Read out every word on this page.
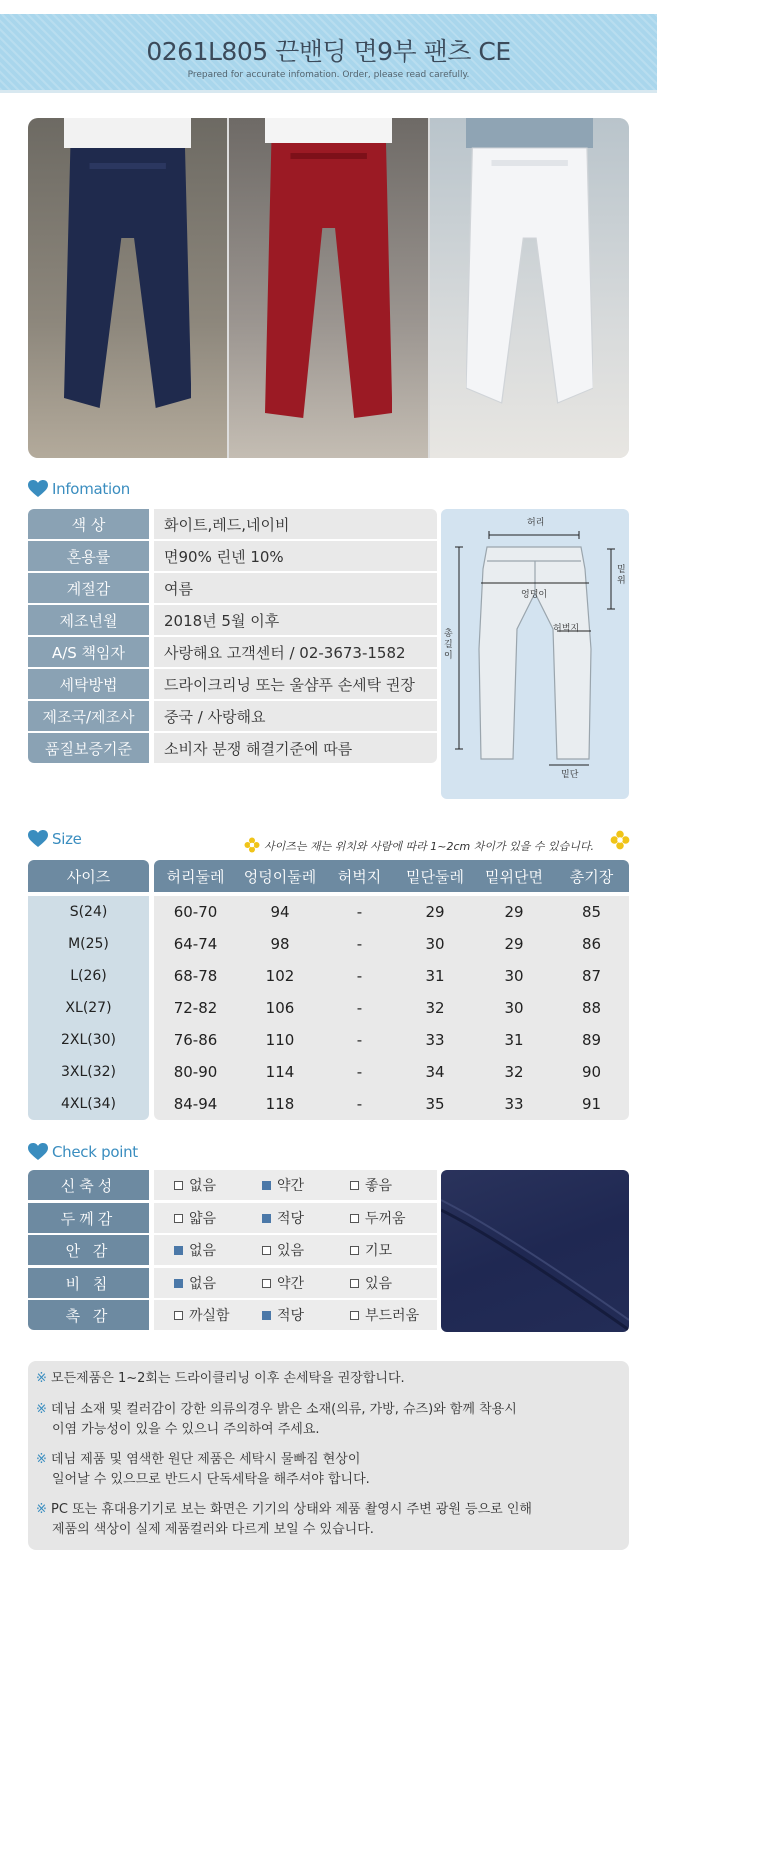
0261L805 끈밴딩 면9부 팬츠 CE
Prepared for accurate infomation. Order, please read carefully.
Infomation
색 상	화이트,레드,네이비
혼용률	면90% 린넨 10%
계절감	여름
제조년월	2018년 5월 이후
A/S 책임자	사랑해요 고객센터 / 02-3673-1582
세탁방법	드라이크리닝 또는 울샴푸 손세탁 권장
제조국/제조사	중국 / 사랑해요
품질보증기준	소비자 분쟁 해결기준에 따름
허리
엉덩이
허벅지
밑단
밑위
총길이
Size	사이즈는 재는 위치와 사람에 따라 1~2cm 차이가 있을 수 있습니다.
사이즈	허리둘레	엉덩이둘레	허벅지	밑단둘레	밑위단면	총기장
S(24)	60-70	94	-	29	29	85
M(25)	64-74	98	-	30	29	86
L(26)	68-78	102	-	31	30	87
XL(27)	72-82	106	-	32	30	88
2XL(30)	76-86	110	-	33	31	89
3XL(32)	80-90	114	-	34	32	90
4XL(34)	84-94	118	-	35	33	91
Check point
신축성	없음	약간	좋음
두께감	얇음	적당	두꺼움
안 감	없음	있음	기모
비 침	없음	약간	있음
촉 감	까실함	적당	부드러움
※ 모든제품은 1~2회는 드라이클리닝 이후 손세탁을 권장합니다.
※ 데님 소재 및 컬러감이 강한 의류의경우 밝은 소재(의류, 가방, 슈즈)와 함께 착용시
이염 가능성이 있을 수 있으니 주의하여 주세요.
※ 데님 제품 및 염색한 원단 제품은 세탁시 물빠짐 현상이
일어날 수 있으므로 반드시 단독세탁을 해주셔야 합니다.
※ PC 또는 휴대용기기로 보는 화면은 기기의 상태와 제품 촬영시 주변 광원 등으로 인해
제품의 색상이 실제 제품컬러와 다르게 보일 수 있습니다.
